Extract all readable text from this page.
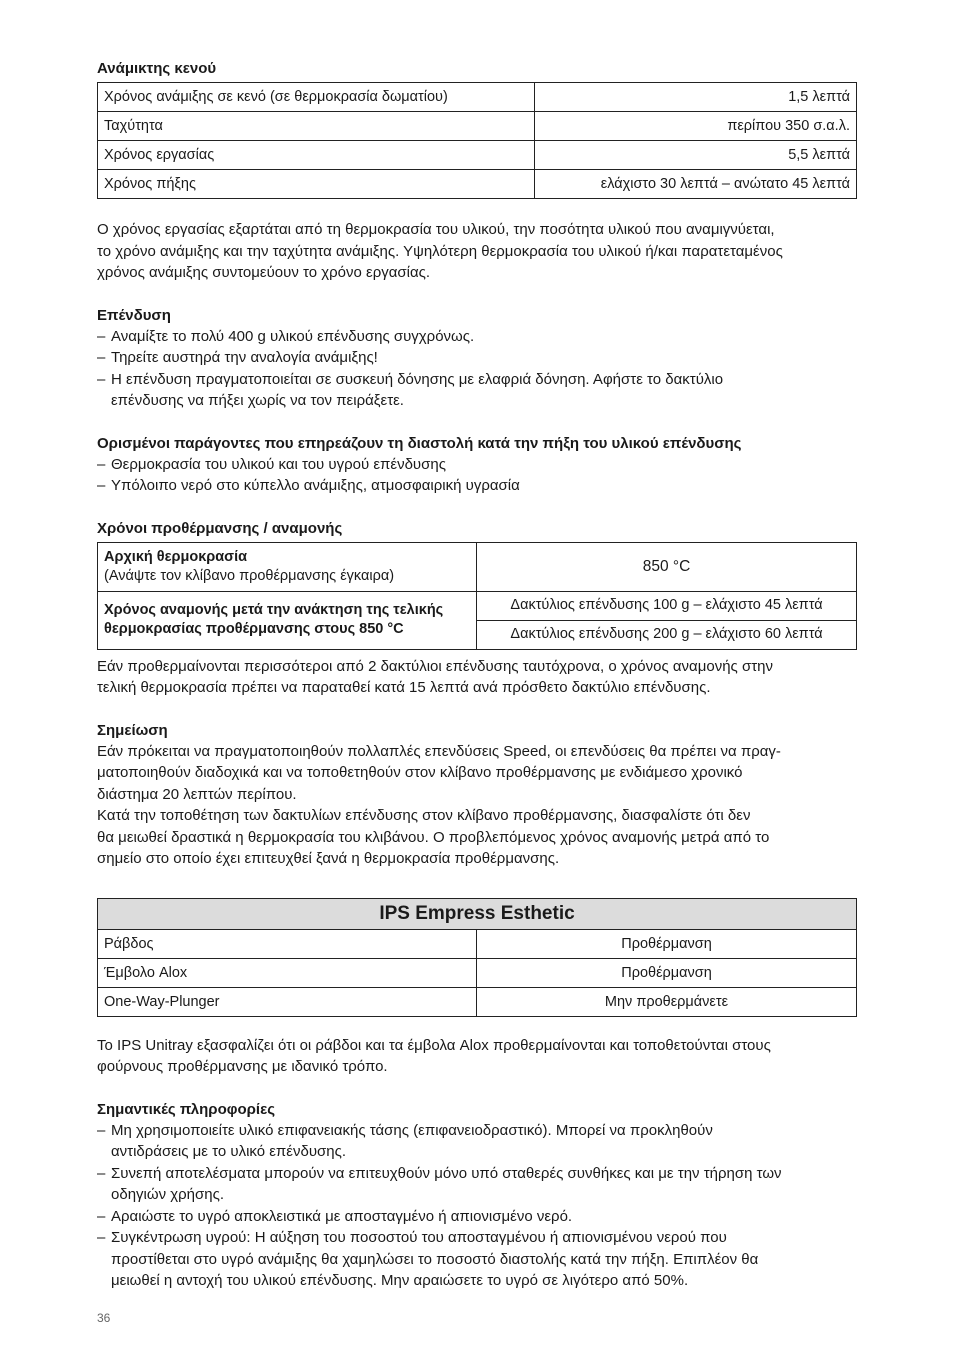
Ανάμικτης κενού
Χρόνος ανάμιξης σε κενό (σε θερμοκρασία δωματίου)	1,5 λεπτά
Ταχύτητα	περίπου 350 σ.α.λ.
Χρόνος εργασίας	5,5 λεπτά
Χρόνος πήξης	ελάχιστο 30 λεπτά – ανώτατο 45 λεπτά

Ο χρόνος εργασίας εξαρτάται από τη θερμοκρασία του υλικού, την ποσότητα υλικού που αναμιγνύεται,

το χρόνο ανάμιξης και την ταχύτητα ανάμιξης. Υψηλότερη θερμοκρασία του υλικού ή/και παρατεταμένος

χρόνος ανάμιξης συντομεύουν το χρόνο εργασίας.

Επένδυση
– Αναμίξτε το πολύ 400 g υλικού επένδυσης συγχρόνως.
– Τηρείτε αυστηρά την αναλογία ανάμιξης!
– Η επένδυση πραγματοποιείται σε συσκευή δόνησης με ελαφριά δόνηση. Αφήστε το δακτύλιο
επένδυσης να πήξει χωρίς να τον πειράξετε.
Ορισμένοι παράγοντες που επηρεάζουν τη διαστολή κατά την πήξη του υλικού επένδυσης
– Θερμοκρασία του υλικού και του υγρού επένδυσης
– Υπόλοιπο νερό στο κύπελλο ανάμιξης, ατμοσφαιρική υγρασία
Χρόνοι προθέρμανσης / αναμονής
Αρχική θερμοκρασία
(Ανάψτε τον κλίβανο προθέρμανσης έγκαιρα)	850 °C
Χρόνος αναμονής μετά την ανάκτηση της τελικής
θερμοκρασίας προθέρμανσης στους 850 °C	Δακτύλιος επένδυσης 100 g – ελάχιστο 45 λεπτά
	Δακτύλιος επένδυσης 200 g – ελάχιστο 60 λεπτά

Εάν προθερμαίνονται περισσότεροι από 2 δακτύλιοι επένδυσης ταυτόχρονα, ο χρόνος αναμονής στην

τελική θερμοκρασία πρέπει να παραταθεί κατά 15 λεπτά ανά πρόσθετο δακτύλιο επένδυσης.

Σημείωση

Εάν πρόκειται να πραγματοποιηθούν πολλαπλές επενδύσεις Speed, οι επενδύσεις θα πρέπει να πραγ-

ματοποιηθούν διαδοχικά και να τοποθετηθούν στον κλίβανο προθέρμανσης με ενδιάμεσο χρονικό

διάστημα 20 λεπτών περίπου.

Κατά την τοποθέτηση των δακτυλίων επένδυσης στον κλίβανο προθέρμανσης, διασφαλίστε ότι δεν

θα μειωθεί δραστικά η θερμοκρασία του κλιβάνου. Ο προβλεπόμενος χρόνος αναμονής μετρά από το

σημείο στο οποίο έχει επιτευχθεί ξανά η θερμοκρασία προθέρμανσης.

IPS Empress Esthetic	
Ράβδος	Προθέρμανση
Έμβολο Alox	Προθέρμανση
One-Way-Plunger	Μην προθερμάνετε

Το IPS Unitray εξασφαλίζει ότι οι ράβδοι και τα έμβολα Alox προθερμαίνονται και τοποθετούνται στους

φούρνους προθέρμανσης με ιδανικό τρόπο.

Σημαντικές πληροφορίες
– Μη χρησιμοποιείτε υλικό επιφανειακής τάσης (επιφανειοδραστικό). Μπορεί να προκληθούν
αντιδράσεις με το υλικό επένδυσης.
– Συνεπή αποτελέσματα μπορούν να επιτευχθούν μόνο υπό σταθερές συνθήκες και με την τήρηση των
οδηγιών χρήσης.
– Αραιώστε το υγρό αποκλειστικά με αποσταγμένο ή απιονισμένο νερό.
– Συγκέντρωση υγρού: Η αύξηση του ποσοστού του αποσταγμένου ή απιονισμένου νερού που
προστίθεται στο υγρό ανάμιξης θα χαμηλώσει το ποσοστό διαστολής κατά την πήξη. Επιπλέον θα
μειωθεί η αντοχή του υλικού επένδυσης. Μην αραιώσετε το υγρό σε λιγότερο από 50%.
36
